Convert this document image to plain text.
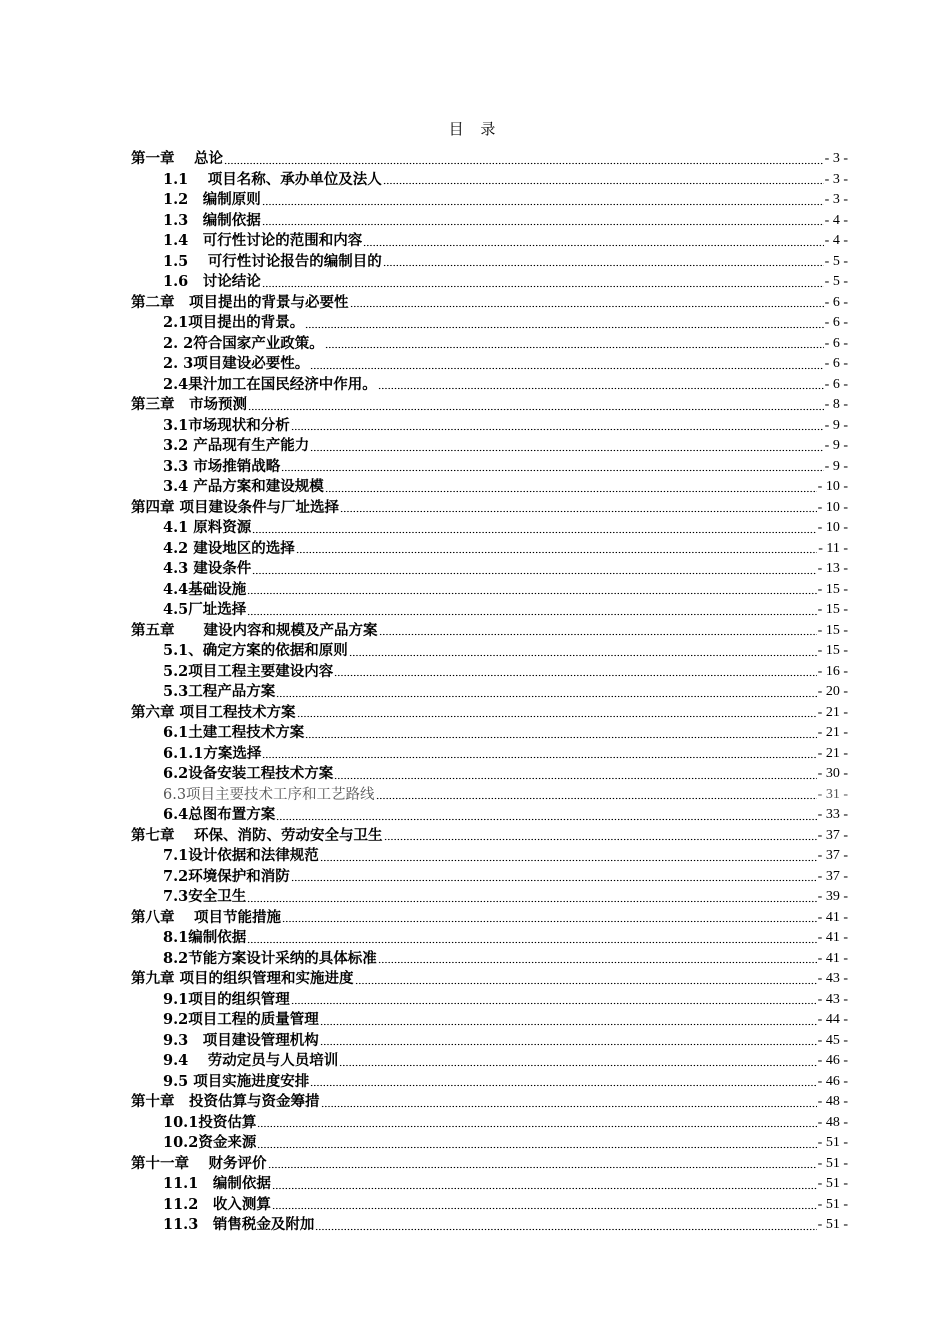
目 录
第一章　 总论	- 3 -
1.1　 项目名称、承办单位及法人	- 3 -
1.2　编制原则	- 3 -
1.3　编制依据	- 4 -
1.4　可行性讨论的范围和内容	- 4 -
1.5　 可行性讨论报告的编制目的	- 5 -
1.6　讨论结论	- 5 -
第二章　项目提出的背景与必要性	- 6 -
2.1项目提出的背景。	- 6 -
2. 2符合国家产业政策。	- 6 -
2. 3项目建设必要性。	- 6 -
2.4果汁加工在国民经济中作用。	- 6 -
第三章　市场预测	- 8 -
3.1市场现状和分析	- 9 -
3.2 产品现有生产能力	- 9 -
3.3 市场推销战略	- 9 -
3.4 产品方案和建设规模	- 10 -
第四章 项目建设条件与厂址选择	- 10 -
4.1 原料资源	- 10 -
4.2 建设地区的选择	- 11 -
4.3 建设条件	- 13 -
4.4基础设施	- 15 -
4.5厂址选择	- 15 -
第五章　　建设内容和规模及产品方案	- 15 -
5.1、确定方案的依据和原则	- 15 -
5.2项目工程主要建设内容	- 16 -
5.3工程产品方案	- 20 -
第六章 项目工程技术方案	- 21 -
6.1土建工程技术方案	- 21 -
6.1.1方案选择	- 21 -
6.2设备安装工程技术方案	- 30 -
6.3项目主要技术工序和工艺路线	- 31 -
6.4总图布置方案	- 33 -
第七章　 环保、消防、劳动安全与卫生	- 37 -
7.1设计依据和法律规范	- 37 -
7.2环境保护和消防	- 37 -
7.3安全卫生	- 39 -
第八章　 项目节能措施	- 41 -
8.1编制依据	- 41 -
8.2节能方案设计采纳的具体标准	- 41 -
第九章 项目的组织管理和实施进度	- 43 -
9.1项目的组织管理	- 43 -
9.2项目工程的质量管理	- 44 -
9.3　项目建设管理机构	- 45 -
9.4　 劳动定员与人员培训	- 46 -
9.5 项目实施进度安排	- 46 -
第十章　投资估算与资金筹措	- 48 -
10.1投资估算	- 48 -
10.2资金来源	- 51 -
第十一章　 财务评价	- 51 -
11.1　编制依据	- 51 -
11.2　收入测算	- 51 -
11.3　销售税金及附加	- 51 -
